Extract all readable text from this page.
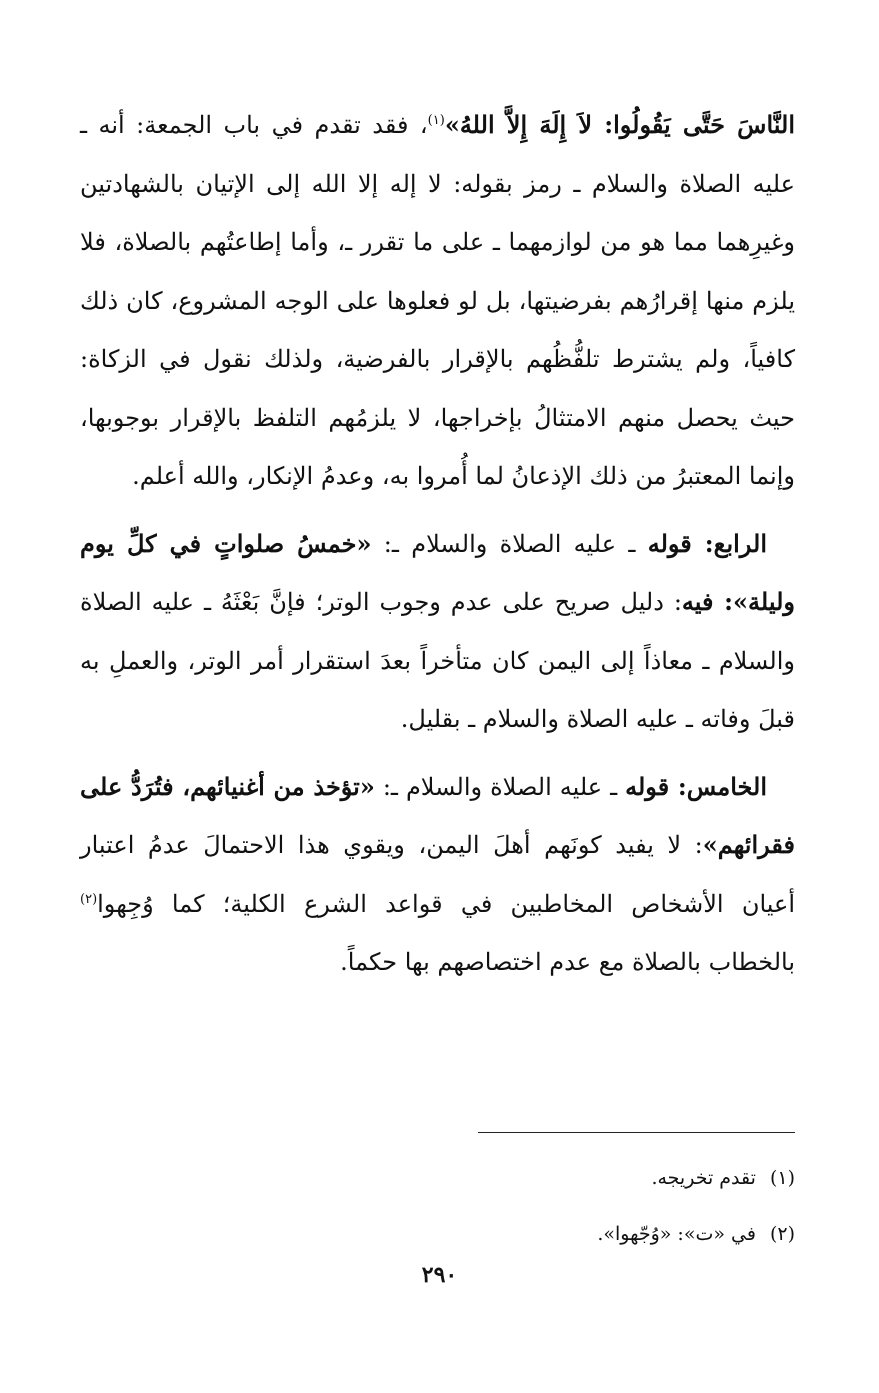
النَّاسَ حَتَّى يَقُولُوا: لاَ إِلَهَ إِلاَّ اللهُ»$^{(١)}$، فقد تقدم في باب الجمعة: أنه ـ عليه الصلاة والسلام ـ رمز بقوله: لا إله إلا الله إلى الإتيان بالشهادتين وغيرِهما مما هو من لوازمهما ـ على ما تقرر ـ، وأما إطاعتُهم بالصلاة، فلا يلزم منها إقرارُهم بفرضيتها، بل لو فعلوها على الوجه المشروع، كان ذلك كافياً، ولم يشترط تلفُّظُهم بالإقرار بالفرضية، ولذلك نقول في الزكاة: حيث يحصل منهم الامتثالُ بإخراجها، لا يلزمُهم التلفظ بالإقرار بوجوبها، وإنما المعتبرُ من ذلك الإذعانُ لما أُمروا به، وعدمُ الإنكار، والله أعلم.

الرابع: قوله ـ عليه الصلاة والسلام ـ: «خمسُ صلواتٍ في كلِّ يوم وليلة»: فيه: دليل صريح على عدم وجوب الوتر؛ فإنَّ بَعْثَهُ ـ عليه الصلاة والسلام ـ معاذاً إلى اليمن كان متأخراً بعدَ استقرار أمر الوتر، والعملِ به قبلَ وفاته ـ عليه الصلاة والسلام ـ بقليل.

الخامس: قوله ـ عليه الصلاة والسلام ـ: «تؤخذ من أغنيائهم، فتُرَدُّ على فقرائهم»: لا يفيد كونَهم أهلَ اليمن، ويقوي هذا الاحتمالَ عدمُ اعتبار أعيان الأشخاص المخاطبين في قواعد الشرع الكلية؛ كما وُجِهوا$^{(٢)}$ بالخطاب بالصلاة مع عدم اختصاصهم بها حكماً.

(١)تقدم تخريجه.
(٢)في «ت»: «وُجّهوا».
٢٩٠
